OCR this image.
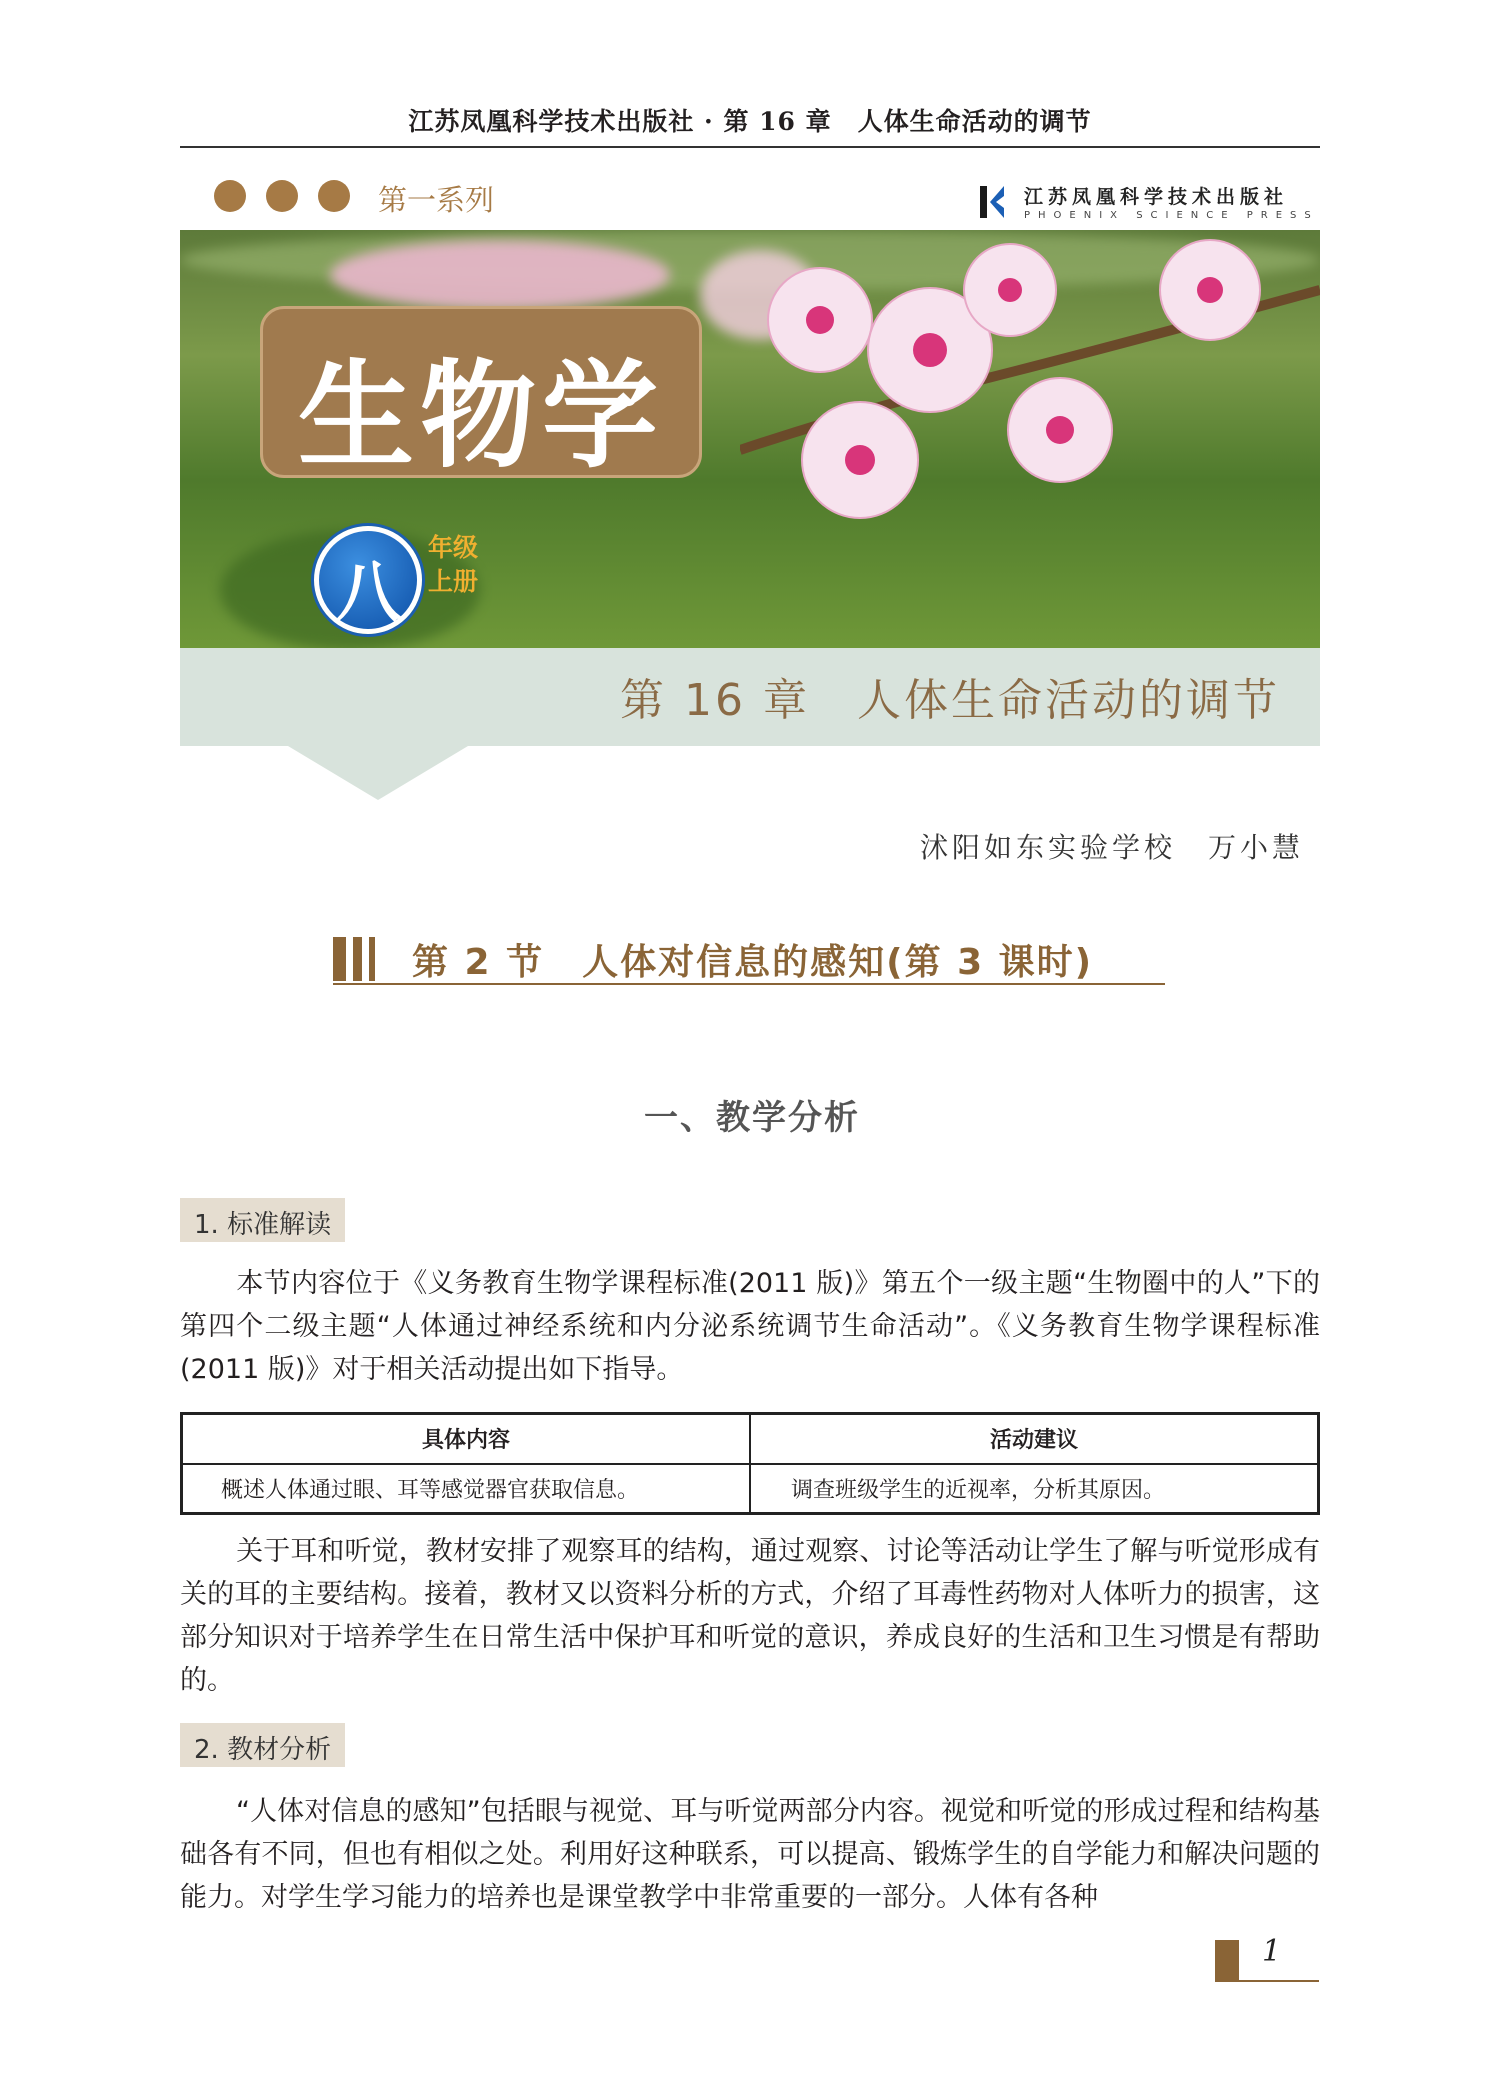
江苏凤凰科学技术出版社 · 第 16 章　人体生命活动的调节
第一系列	江苏凤凰科学技术出版社
PHOENIX SCIENCE PRESS
生物学
八
年级
上册
第 16 章　人体生命活动的调节
沭阳如东实验学校　万小慧
第 2 节　人体对信息的感知(第 3 课时)
一、教学分析
1. 标准解读
本节内容位于《义务教育生物学课程标准(2011 版)》第五个一级主题“生物圈中的人”下的第四个二级主题“人体通过神经系统和内分泌系统调节生命活动”。《义务教育生物学课程标准(2011 版)》对于相关活动提出如下指导。
具体内容	活动建议
概述人体通过眼、耳等感觉器官获取信息。	调查班级学生的近视率，分析其原因。
关于耳和听觉，教材安排了观察耳的结构，通过观察、讨论等活动让学生了解与听觉形成有关的耳的主要结构。接着，教材又以资料分析的方式，介绍了耳毒性药物对人体听力的损害，这部分知识对于培养学生在日常生活中保护耳和听觉的意识，养成良好的生活和卫生习惯是有帮助的。
2. 教材分析
“人体对信息的感知”包括眼与视觉、耳与听觉两部分内容。视觉和听觉的形成过程和结构基础各有不同，但也有相似之处。利用好这种联系，可以提高、锻炼学生的自学能力和解决问题的能力。对学生学习能力的培养也是课堂教学中非常重要的一部分。人体有各种
1
